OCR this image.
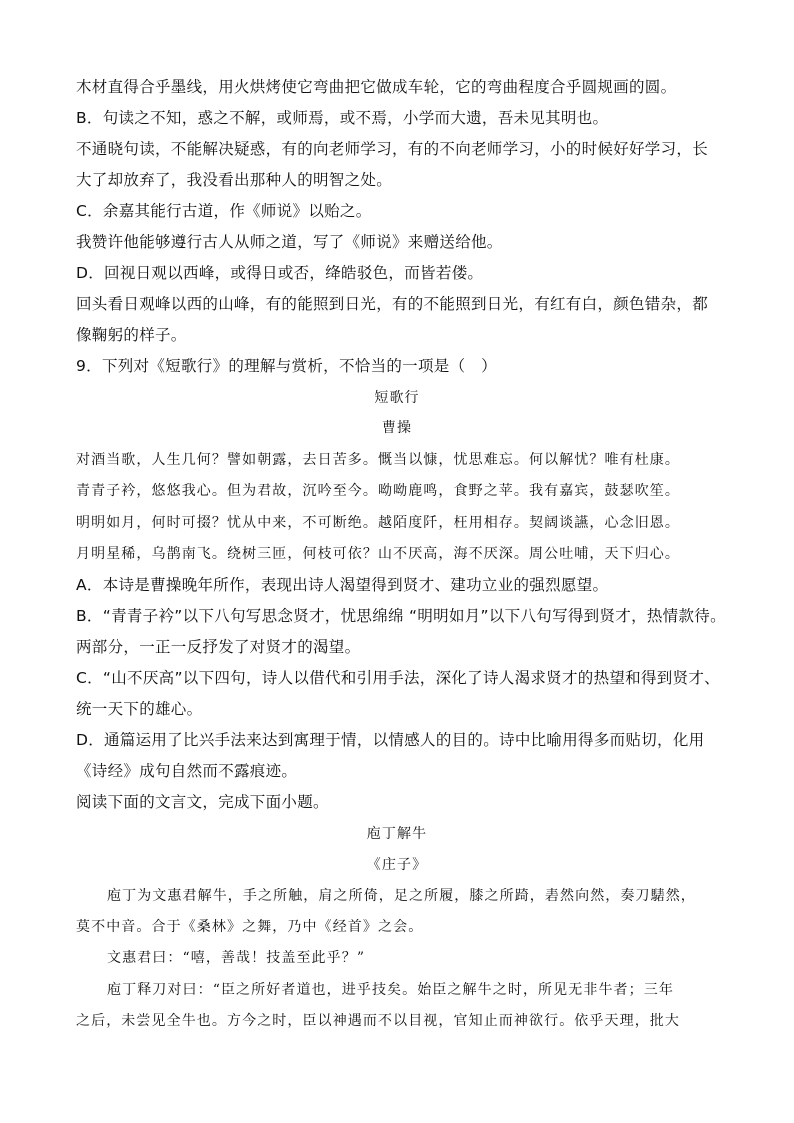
木材直得合乎墨线，用火烘烤使它弯曲把它做成车轮，它的弯曲程度合乎圆规画的圆。
B．句读之不知，惑之不解，或师焉，或不焉，小学而大遗，吾未见其明也。
不通晓句读，不能解决疑惑，有的向老师学习，有的不向老师学习，小的时候好好学习，长
大了却放弃了，我没看出那种人的明智之处。
C．余嘉其能行古道，作《师说》以贻之。
我赞许他能够遵行古人从师之道，写了《师说》来赠送给他。
D．回视日观以西峰，或得日或否，绛皓驳色，而皆若偻。
回头看日观峰以西的山峰，有的能照到日光，有的不能照到日光，有红有白，颜色错杂，都
像鞠躬的样子。
9．下列对《短歌行》的理解与赏析，不恰当的一项是（　）
短歌行
曹操
对酒当歌，人生几何？譬如朝露，去日苦多。慨当以慷，忧思难忘。何以解忧？唯有杜康。
青青子衿，悠悠我心。但为君故，沉吟至今。呦呦鹿鸣，食野之苹。我有嘉宾，鼓瑟吹笙。
明明如月，何时可掇？忧从中来，不可断绝。越陌度阡，枉用相存。契阔谈讌，心念旧恩。
月明星稀，乌鹊南飞。绕树三匝，何枝可依？山不厌高，海不厌深。周公吐哺，天下归心。
A．本诗是曹操晚年所作，表现出诗人渴望得到贤才、建功立业的强烈愿望。
B．“青青子衿”以下八句写思念贤才，忧思绵绵 “明明如月”以下八句写得到贤才，热情款待。
两部分，一正一反抒发了对贤才的渴望。
C．“山不厌高”以下四句，诗人以借代和引用手法，深化了诗人渴求贤才的热望和得到贤才、
统一天下的雄心。
D．通篇运用了比兴手法来达到寓理于情，以情感人的目的。诗中比喻用得多而贴切，化用
《诗经》成句自然而不露痕迹。
阅读下面的文言文，完成下面小题。
庖丁解牛
《庄子》
庖丁为文惠君解牛，手之所触，肩之所倚，足之所履，膝之所踦，砉然向然，奏刀騞然，
莫不中音。合于《桑林》之舞，乃中《经首》之会。
文惠君曰：“嘻，善哉！技盖至此乎？”
庖丁释刀对曰：“臣之所好者道也，进乎技矣。始臣之解牛之时，所见无非牛者；三年
之后，未尝见全牛也。方今之时，臣以神遇而不以目视，官知止而神欲行。依乎天理，批大
